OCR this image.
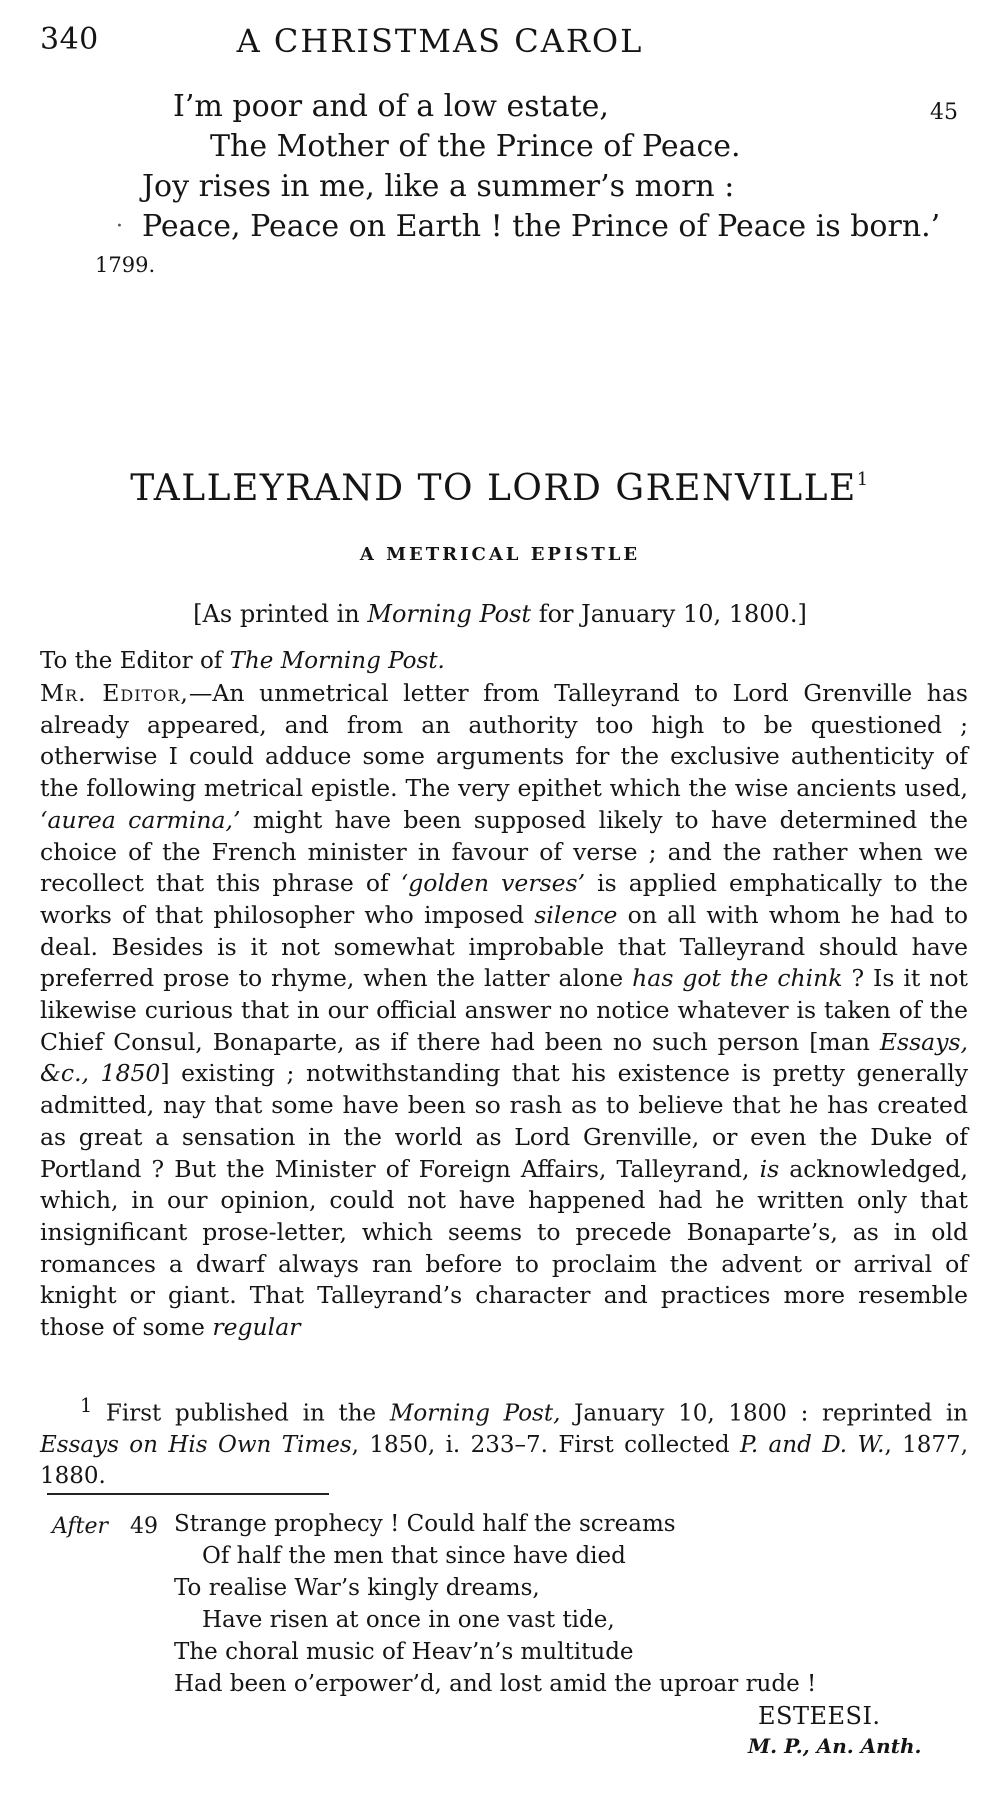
340	A CHRISTMAS CAROL
I’m poor and of a low estate,
The Mother of the Prince of Peace.
Joy rises in me, like a summer’s morn :
· Peace, Peace on Earth ! the Prince of Peace is born.’
45
1799.
TALLEYRAND TO LORD GRENVILLE$^1$
A METRICAL EPISTLE
[As printed in Morning Post for January 10, 1800.]
To the Editor of The Morning Post.
Mr. Editor,—An unmetrical letter from Talleyrand to Lord Grenville has already appeared, and from an authority too high to be questioned ; otherwise I could adduce some arguments for the exclusive authenticity of the following metrical epistle. The very epithet which the wise ancients used, ‘aurea carmina,’ might have been supposed likely to have determined the choice of the French minister in favour of verse ; and the rather when we recollect that this phrase of ‘golden verses’ is applied emphatically to the works of that philosopher who imposed silence on all with whom he had to deal. Besides is it not somewhat improbable that Talleyrand should have preferred prose to rhyme, when the latter alone has got the chink ? Is it not likewise curious that in our official answer no notice whatever is taken of the Chief Consul, Bonaparte, as if there had been no such person [man Essays, &c., 1850] existing ; notwithstanding that his existence is pretty generally admitted, nay that some have been so rash as to believe that he has created as great a sensation in the world as Lord Grenville, or even the Duke of Portland ? But the Minister of Foreign Affairs, Talleyrand, is acknowledged, which, in our opinion, could not have happened had he written only that insignificant prose-letter, which seems to precede Bonaparte’s, as in old romances a dwarf always ran before to proclaim the advent or arrival of knight or giant. That Talleyrand’s character and practices more resemble those of some regular
$^1$ First published in the Morning Post, January 10, 1800 : reprinted in Essays on His Own Times, 1850, i. 233–7. First collected P. and D. W., 1877, 1880.
After 49 Strange prophecy ! Could half the screams
Of half the men that since have died
To realise War’s kingly dreams,
Have risen at once in one vast tide,
The choral music of Heav’n’s multitude
Had been o’erpower’d, and lost amid the uproar rude !
ESTEESI.
M. P., An. Anth.
